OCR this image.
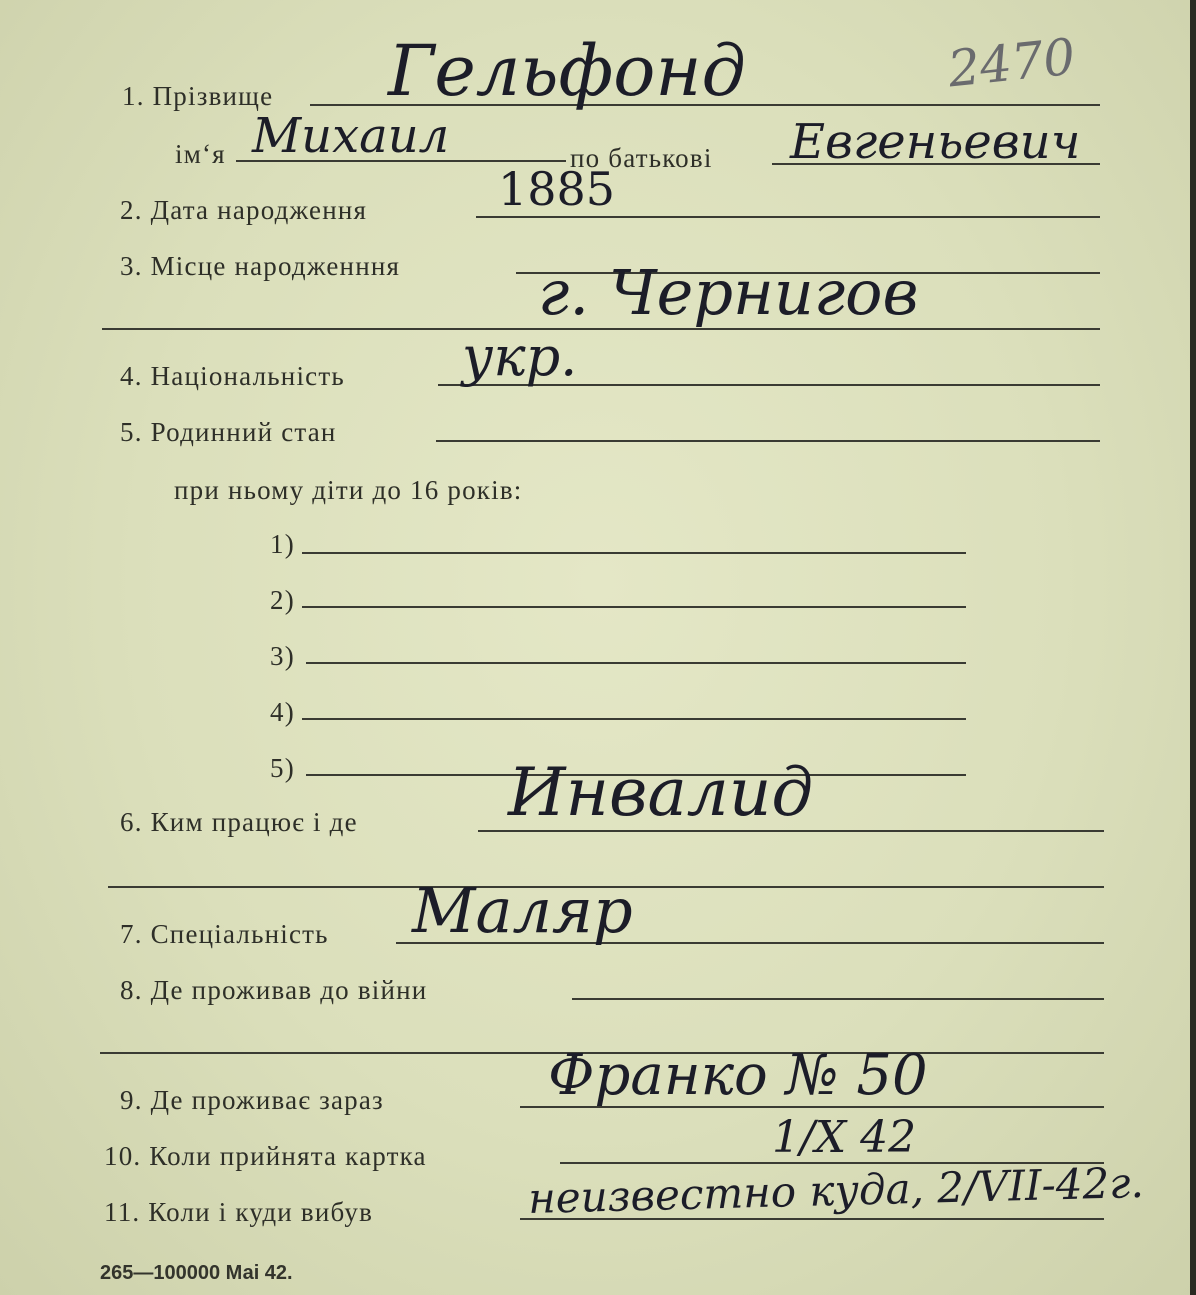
2470
1. Прізвище Гельфонд
ім‘я Михаил	по батькові Евгеньевич
2. Дата народження	1885
3. Місце народженння г. Чернигов
4. Національність укр.
5. Родинний стан
при ньому діти до 16 років:
1)
2)
3)
4)
5)
6. Ким працює і де Инвалид
7. Спеціальність Маляр
8. Де проживав до війни
9. Де проживає зараз	Франко № 50
10. Коли прийнята картка	1/X 42
11. Коли і куди вибув	неизвестно куда, 2/VII-42г.
265—100000 Маі 42.
